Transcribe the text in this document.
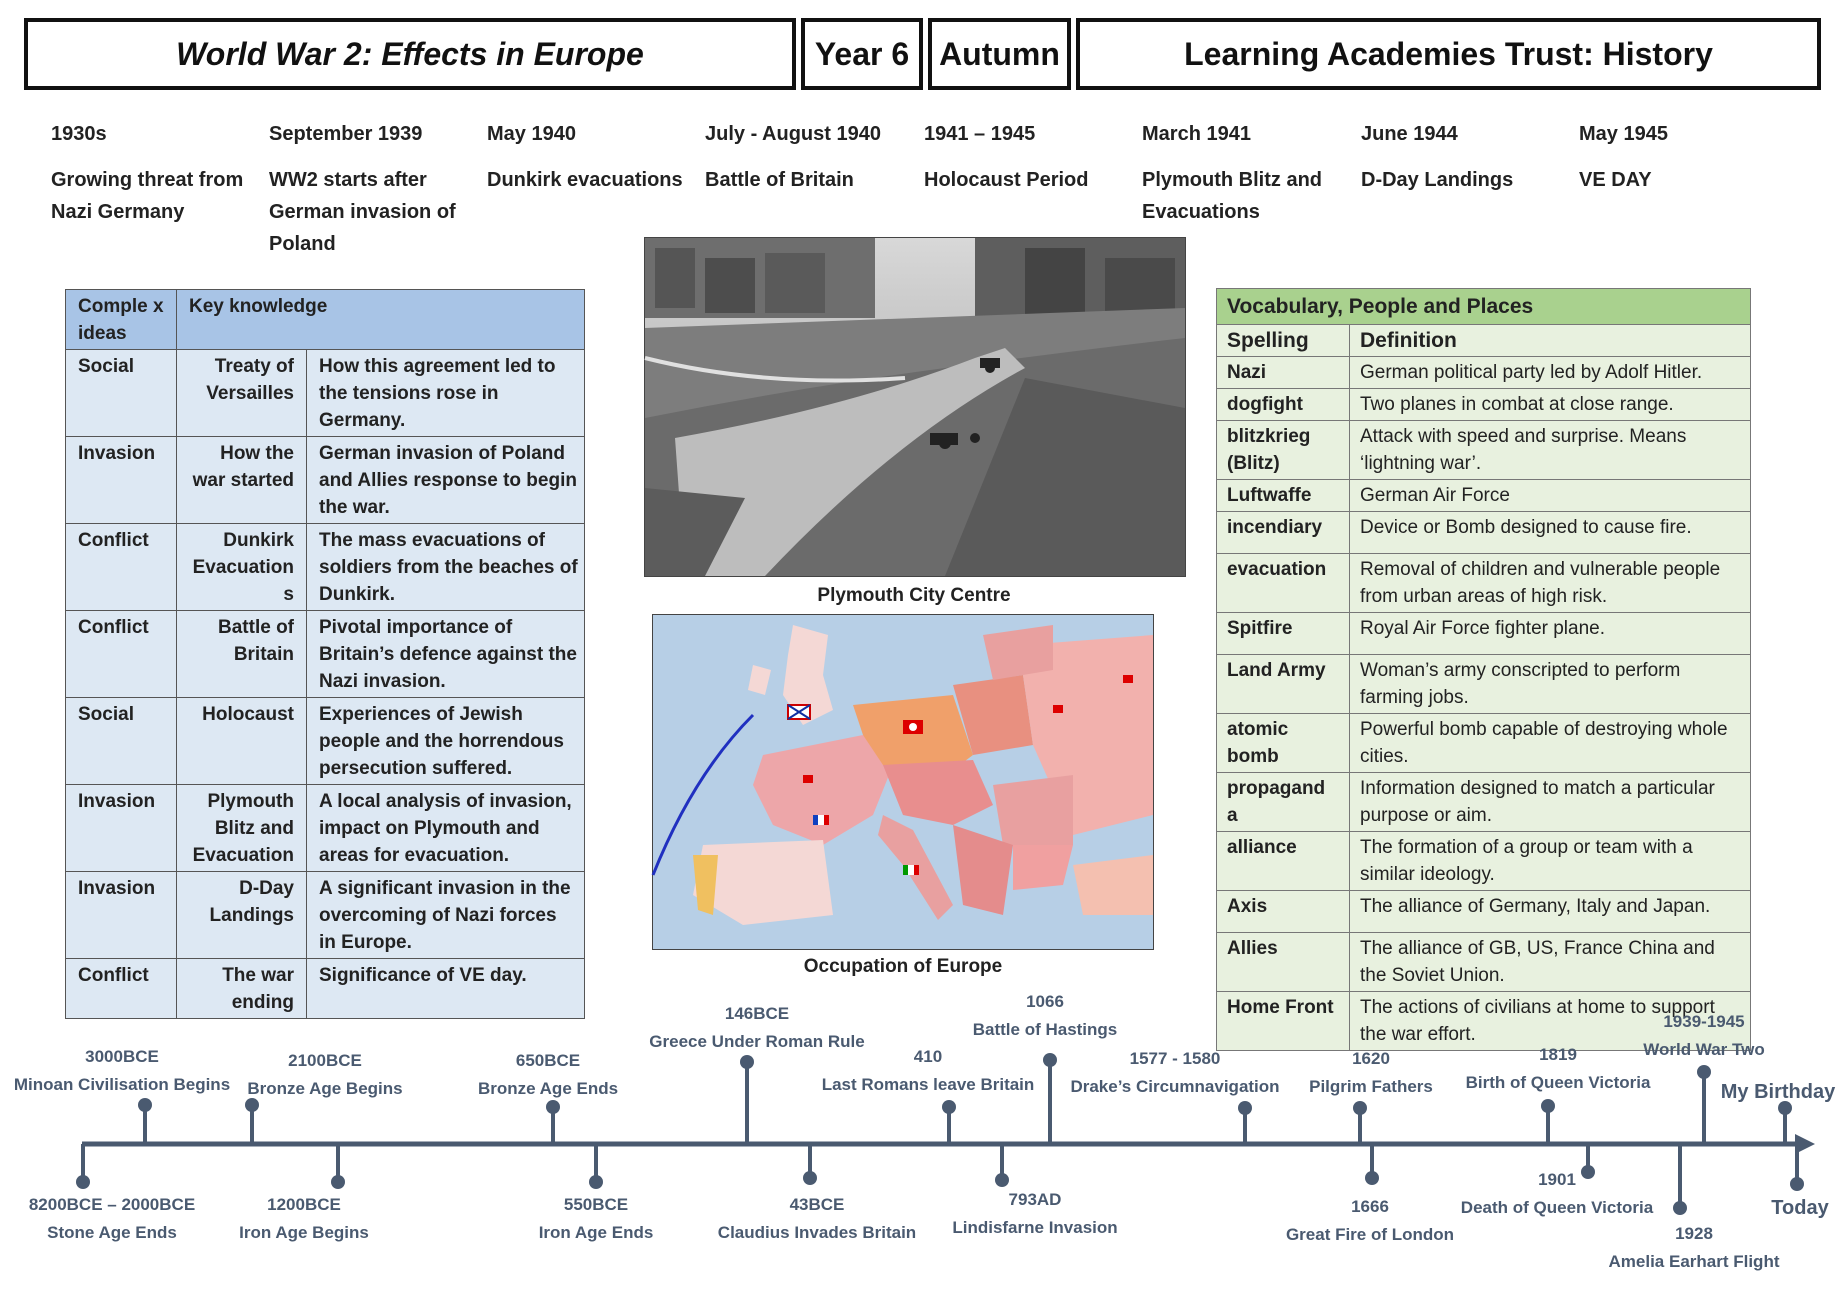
World War 2: Effects in Europe	Year 6 Autumn	Learning Academies Trust: History
1930s
Growing threat from Nazi Germany
September 1939
WW2 starts after German invasion of Poland
May 1940
Dunkirk evacuations
July - August 1940
Battle of Britain
1941 – 1945
Holocaust Period
March 1941
Plymouth Blitz and Evacuations
June 1944
D-Day Landings
May 1945
VE DAY
Comple x ideas	Key knowledge	
Social	Treaty of Versailles	How this agreement led to the tensions rose in Germany.
Invasion	How the war started	German invasion of Poland and Allies response to begin the war.
Conflict	Dunkirk Evacuation s	The mass evacuations of soldiers from the beaches of Dunkirk.
Conflict	Battle of Britain	Pivotal importance of Britain’s defence against the Nazi invasion.
Social	Holocaust	Experiences of Jewish people and the horrendous persecution suffered.
Invasion	Plymouth Blitz and Evacuation	A local analysis of invasion, impact on Plymouth and areas for evacuation.
Invasion	D-Day Landings	A significant invasion in the overcoming of Nazi forces in Europe.
Conflict	The war ending	Significance of VE day.
Plymouth City Centre
Occupation of Europe
Vocabulary, People and Places	
Spelling	Definition
Nazi	German political party led by Adolf Hitler.
dogfight	Two planes in combat at close range.
blitzkrieg (Blitz)	Attack with speed and surprise. Means ‘lightning war’.
Luftwaffe	German Air Force
incendiary	Device or Bomb designed to cause fire.
evacuation	Removal of children and vulnerable people from urban areas of high risk.
Spitfire	Royal Air Force fighter plane.
Land Army	Woman’s army conscripted to perform farming jobs.
atomic bomb	Powerful bomb capable of destroying whole cities.
propagand a	Information designed to match a particular purpose or aim.
alliance	The formation of a group or team with a similar ideology.
Axis	The alliance of Germany, Italy and Japan.
Allies	The alliance of GB, US, France China and the Soviet Union.
Home Front	The actions of civilians at home to support the war effort.
3000BCE
Minoan Civilisation Begins
2100BCE
Bronze Age Begins
650BCE
Bronze Age Ends
146BCE
Greece Under Roman Rule
410
Last Romans leave Britain
1066
Battle of Hastings
1577 - 1580
Drake’s Circumnavigation
1620
Pilgrim Fathers
1819
Birth of Queen Victoria
1939-1945
World War Two
My Birthday
8200BCE – 2000BCE
Stone Age Ends
1200BCE
Iron Age Begins
550BCE
Iron Age Ends
43BCE
Claudius Invades Britain
793AD
Lindisfarne Invasion
1666
Great Fire of London
1901
Death of Queen Victoria
1928
Amelia Earhart Flight
Today
